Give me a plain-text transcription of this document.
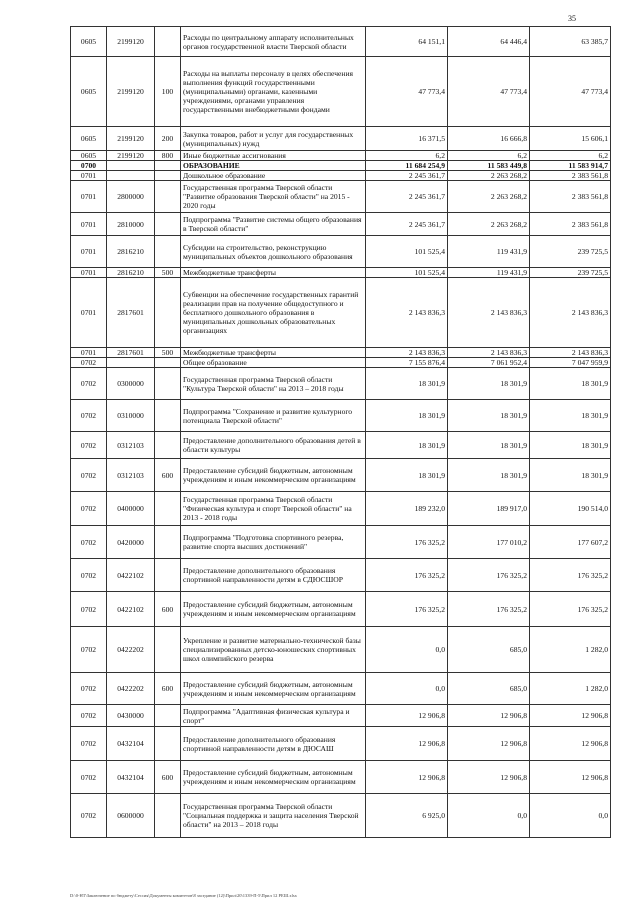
35
0605	2199120		Расходы по центральному аппарату исполнительных органов государственной власти Тверской области	64 151,1	64 446,4	63 385,7
0605	2199120	100	Расходы на выплаты персоналу в целях обеспечения выполнения функций государственными (муниципальными) органами, казенными учреждениями, органами управления государственными внебюджетными фондами	47 773,4	47 773,4	47 773,4
0605	2199120	200	Закупка товаров, работ и услуг для государственных (муниципальных) нужд	16 371,5	16 666,8	15 606,1
0605	2199120	800	Иные бюджетные ассигнования	6,2	6,2	6,2
0700			ОБРАЗОВАНИЕ	11 684 254,9	11 583 449,8	11 583 914,7
0701			Дошкольное образование	2 245 361,7	2 263 268,2	2 383 561,8
0701	2800000		Государственная программа Тверской области "Развитие образования Тверской области" на 2015 - 2020 годы	2 245 361,7	2 263 268,2	2 383 561,8
0701	2810000		Подпрограмма "Развитие системы общего образования в Тверской области"	2 245 361,7	2 263 268,2	2 383 561,8
0701	2816210		Субсидии на строительство, реконструкцию муниципальных объектов дошкольного образования	101 525,4	119 431,9	239 725,5
0701	2816210	500	Межбюджетные трансферты	101 525,4	119 431,9	239 725,5
0701	2817601		Субвенции на обеспечение государственных гарантий реализации прав на получение общедоступного и бесплатного дошкольного образования в муниципальных дошкольных образовательных организациях	2 143 836,3	2 143 836,3	2 143 836,3
0701	2817601	500	Межбюджетные трансферты	2 143 836,3	2 143 836,3	2 143 836,3
0702			Общее образование	7 155 876,4	7 061 952,4	7 047 959,9
0702	0300000		Государственная программа Тверской области "Культура Тверской области" на 2013 – 2018 годы	18 301,9	18 301,9	18 301,9
0702	0310000		Подпрограмма "Сохранение и развитие культурного потенциала Тверской области"	18 301,9	18 301,9	18 301,9
0702	0312103		Предоставление дополнительного образования детей в области культуры	18 301,9	18 301,9	18 301,9
0702	0312103	600	Предоставление субсидий бюджетным, автономным учреждениям и иным некоммерческим организациям	18 301,9	18 301,9	18 301,9
0702	0400000		Государственная программа Тверской области "Физическая культура и спорт Тверской области" на 2013 - 2018 годы	189 232,0	189 917,0	190 514,0
0702	0420000		Подпрограмма "Подготовка спортивного резерва, развитие спорта высших достижений"	176 325,2	177 010,2	177 607,2
0702	0422102		Предоставление дополнительного образования спортивной направленности детям в СДЮСШОР	176 325,2	176 325,2	176 325,2
0702	0422102	600	Предоставление субсидий бюджетным, автономным учреждениям и иным некоммерческим организациям	176 325,2	176 325,2	176 325,2
0702	0422202		Укрепление и развитие материально-технической базы специализированных детско-юношеских спортивных школ олимпийского резерва	0,0	685,0	1 282,0
0702	0422202	600	Предоставление субсидий бюджетным, автономным учреждениям и иным некоммерческим организациям	0,0	685,0	1 282,0
0702	0430000		Подпрограмма "Адаптивная физическая культура и спорт"	12 906,8	12 906,8	12 906,8
0702	0432104		Предоставление дополнительного образования спортивной направленности детям в ДЮСАШ	12 906,8	12 906,8	12 906,8
0702	0432104	600	Предоставление субсидий бюджетным, автономным учреждениям и иным некоммерческим организациям	12 906,8	12 906,8	12 906,8
0702	0600000		Государственная программа Тверской области "Социальная поддержка и защита населения Тверской области" на 2013 – 2018 годы	6 925,0	0,0	0,0
D:\0-НТ\Заключение по бюджету\Сессия\Документы комитетов\8 заседание (12)\Прил\20\1339-П-5\Прил 12 РЕШ.xlsx
